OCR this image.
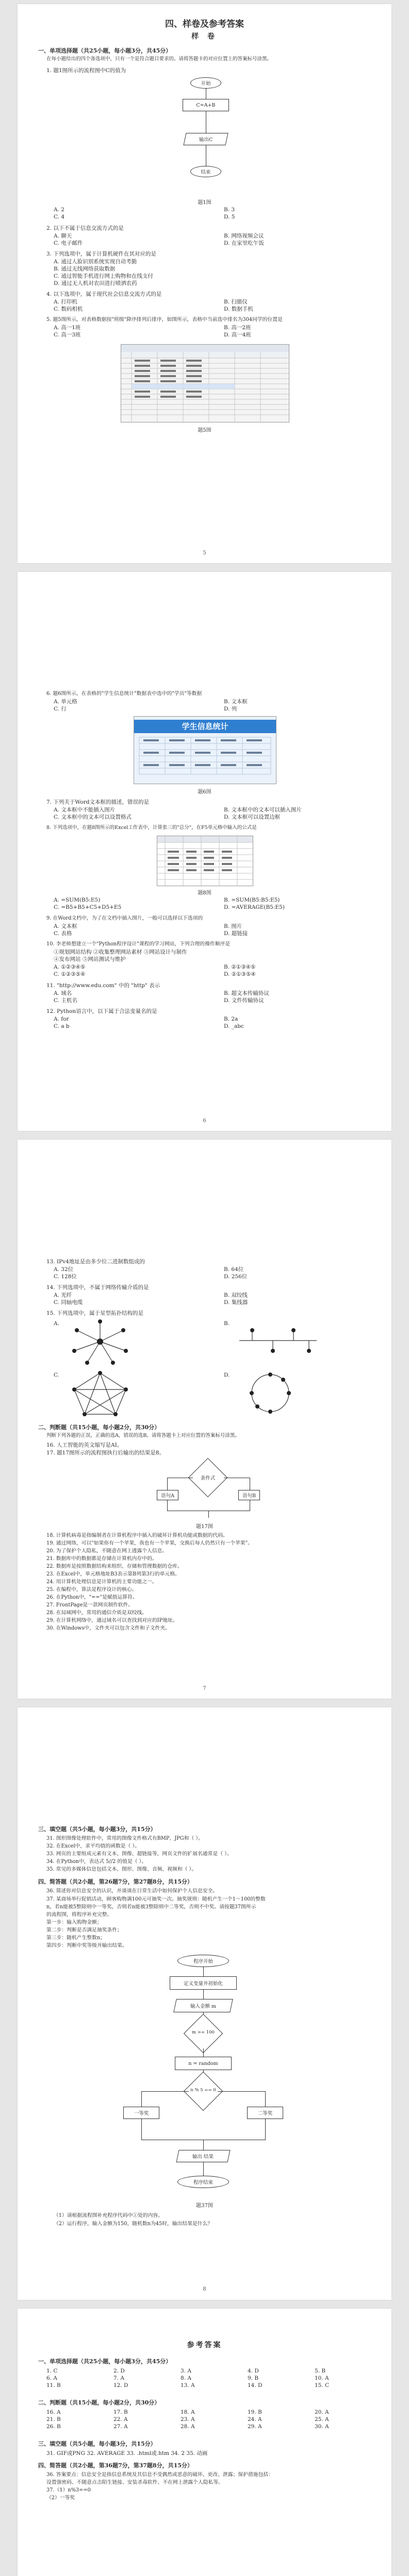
四、样卷及参考答案
样 卷
一、单项选择题（共25小题，每小题3分，共45分）
在每小题给出的四个备选项中，只有一个是符合题目要求的。请将答题卡的对应位置上的答案标号涂黑。
1. 题1图所示的流程图中C的值为
开始
C=A+B
输出C
结束
题1图
A. 2	B. 3
C. 4	D. 5
2. 以下不属于信息交流方式的是
A. 聊天	B. 网络视频会议
C. 电子邮件	D. 在家里吃午饭
3. 下列选项中，属于计算机硬件在其对应的是
A. 通过人脸识别系统实现自动考勤
B. 通过无线网络获取数据
C. 通过智能手机进行网上购物和在线支付
D. 通过无人机对农田进行喷洒农药
4. 以下选项中，属于现代社会信息交流方式的是
A. 打印机	B. 扫描仪
C. 数码相机	D. 数据手机
5. 题5图所示，对表格数据按"班级"降序排列后排序，如图所示，表格中当前选中排名为304同学的位置是
A. 高一1班	B. 高一2班
C. 高一3班	D. 高一4班
题5图
5
6. 题6图所示，在表格的"学生信息统计"数据表中选中的"学员"等数据
A. 单元格	B. 文本框
C. 行	D. 列
学生信息统计
题6图
7. 下列关于Word文本框的描述，错误的是
A. 文本框中不能插入图片	B. 文本框中的文本可以插入图片
C. 文本框中的文本可以设置格式	D. 文本框可以设置边框
8. 下列选项中，在题8图所示的Excel工作表中，计算张三的"总分"，在F5单元格中输入的公式是
题8图
A. =SUM(B5:E5)	B. =SUM(B5:B5:E5)
C. =B5+B5+C5+D5+E5	D. =AVERAGE(B5:E5)
9. 在Word文档中，为了在文档中插入图片，一般可以选择以下选项的
A. 文本框	B. 图片
C. 表格	D. 超链接
10. 李老师想建立一个"Python程序设计"课程的学习网站，下列合理的操作顺序是
①规划网站结构 ②收集整理网站素材 ③网站设计与制作
④发布网站 ⑤网站测试与维护
A. ①②③④⑤	B. ②①③④⑤
C. ①②③⑤④	D. ②①③⑤④
11. "http://www.edu.com" 中的 "http" 表示
A. 域名	B. 超文本传输协议
C. 主机名	D. 文件传输协议
12. Python语言中，以下属于合法变量名的是
A. for	B. 2a
C. a b	D. _abc
6
13. IPv4地址是由多少位二进制数组成的
A. 32位	B. 64位
C. 128位	D. 256位
14. 下列选项中，不属于网络传输介质的是
A. 光纤	B. 双绞线
C. 同轴电缆	D. 集线器
15. 下列选项中，属于星型拓扑结构的是
A.	B.
C.	D.
二、判断题（共15小题，每小题2分，共30分）
判断下列各题的正误，正确的选A，错误的选B。请将答题卡上对应位置的答案标号涂黑。
16. 人工智能的英文缩写是AI。
17. 题17图所示的流程图执行后输出的结果是8。
条件式
语句A	语句B
题17图
18. 计算机病毒是指编制者在计算机程序中插入的破坏计算机功能或数据的代码。
19. 通过网络，可以"如果你有一个苹果，我也有一个苹果，交换后每人仍然只有一个苹果"。
20. 为了保护个人隐私，不随意在网上透露个人信息。
21. 数据库中的数据都是存储在计算机内存中的。
22. 数据库是按照数据结构来组织、存储和管理数据的仓库。
23. 在Excel中，单元格地址B3表示第B列第3行的单元格。
24. 用计算机处理信息是计算机的主要功能之一。
25. 在编程中，算法是程序设计的核心。
26. 在Python中，"=="是赋值运算符。
27. FrontPage是一款网页制作软件。
28. 在局域网中，常用的通信介质是双绞线。
29. 在计算机网络中，通过域名可以查找到对应的IP地址。
30. 在Windows中，文件夹可以包含文件和子文件夹。
7
三、填空题（共5小题，每小题3分，共15分）
31. 图形图像处理软件中，常用的图像文件格式有BMP、JPG和（ ）。
32. 在Excel中，求平均值的函数是（ ）。
33. 网页的主要组成元素有文本、图像、超链接等，网页文件的扩展名通常是（ ）。
34. 在Python中，表达式 5//2 的值是（ ）。
35. 常见的多媒体信息包括文本、图形、图像、音频、视频和（ ）。
四、简答题（共2小题，第26题7分，第27题8分，共15分）
36. 简述你对信息安全的认识，并谈谈在日常生活中如何保护个人信息安全。
37. 某商场举行促销活动，顾客购物满100元可抽奖一次。抽奖规则：随机产生一个1～100的整数
n，若n能被5整除则中一等奖，否则若n能被3整除则中二等奖，否则不中奖。请按题37图所示
的流程图，将程序补充完整。
第一步：输入购物金额；
第二步：判断是否满足抽奖条件；
第三步：随机产生整数n；
第四步：判断中奖等级并输出结果。
程序开始
定义变量并初始化
输入金额 m
m >= 100
n = random
n % 5 == 0
一等奖	二等奖
输出 结果
程序结束
题37图
（1）请根据流程图补充程序代码中①处的内容。
（2）运行程序，输入金额为150，随机数n为45时，输出结果是什么？
8
参考答案
一、单项选择题（共25小题，每小题3分，共45分）
1. C	2. D	3. A	4. D	5. B
6. A	7. A	8. A	9. B	10. A
11. B	12. D	13. A	14. D	15. C
二、判断题（共15小题，每小题2分，共30分）
16. A	17. B	18. A	19. B	20. A
21. B	22. A	23. A	24. A	25. A
26. B	27. A	28. A	29. A	30. A
三、填空题（共5小题，每小题3分，共15分）
31. GIF或PNG 32. AVERAGE 33. .html或.htm 34. 2 35. 动画
四、简答题（共2小题，第36题7分，第37题8分，共15分）
36. 答案要点：信息安全是指信息系统及其信息不受偶然或恶意的破坏、更改、泄露；保护措施包括：
设置强密码、不随意点击陌生链接、安装杀毒软件、不在网上泄露个人隐私等。
37.（1）n%3==0
（2）一等奖
